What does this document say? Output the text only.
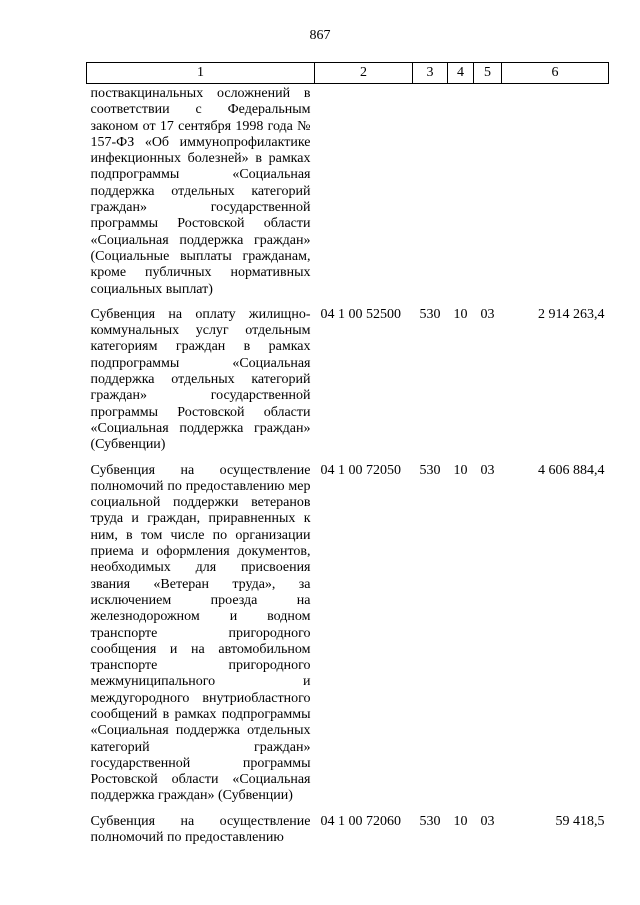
867
1	2	3	4	5	6
поствакцинальных осложнений в соответствии с Федеральным законом от 17 сентября 1998 года № 157-ФЗ «Об иммунопрофилактике инфекционных болезней» в рамках подпрограммы «Социальная поддержка отдельных категорий граждан» государственной программы Ростовской области «Социальная поддержка граждан» (Социальные выплаты гражданам, кроме публичных нормативных социальных выплат)					
Субвенция на оплату жилищно-коммунальных услуг отдельным категориям граждан в рамках подпрограммы «Социальная поддержка отдельных категорий граждан» государственной программы Ростовской области «Социальная поддержка граждан» (Субвенции)	04 1 00 52500	530	10	03	2 914 263,4
Субвенция на осуществление полномочий по предоставлению мер социальной поддержки ветеранов труда и граждан, приравненных к ним, в том числе по организации приема и оформления документов, необходимых для присвоения звания «Ветеран труда», за исключением проезда на железнодорожном и водном транспорте пригородного сообщения и на автомобильном транспорте пригородного межмуниципального и междугородного внутриобластного сообщений в рамках подпрограммы «Социальная поддержка отдельных категорий граждан» государственной программы Ростовской области «Социальная поддержка граждан» (Субвенции)	04 1 00 72050	530	10	03	4 606 884,4
Субвенция на осуществление полномочий по предоставлению	04 1 00 72060	530	10	03	59 418,5
